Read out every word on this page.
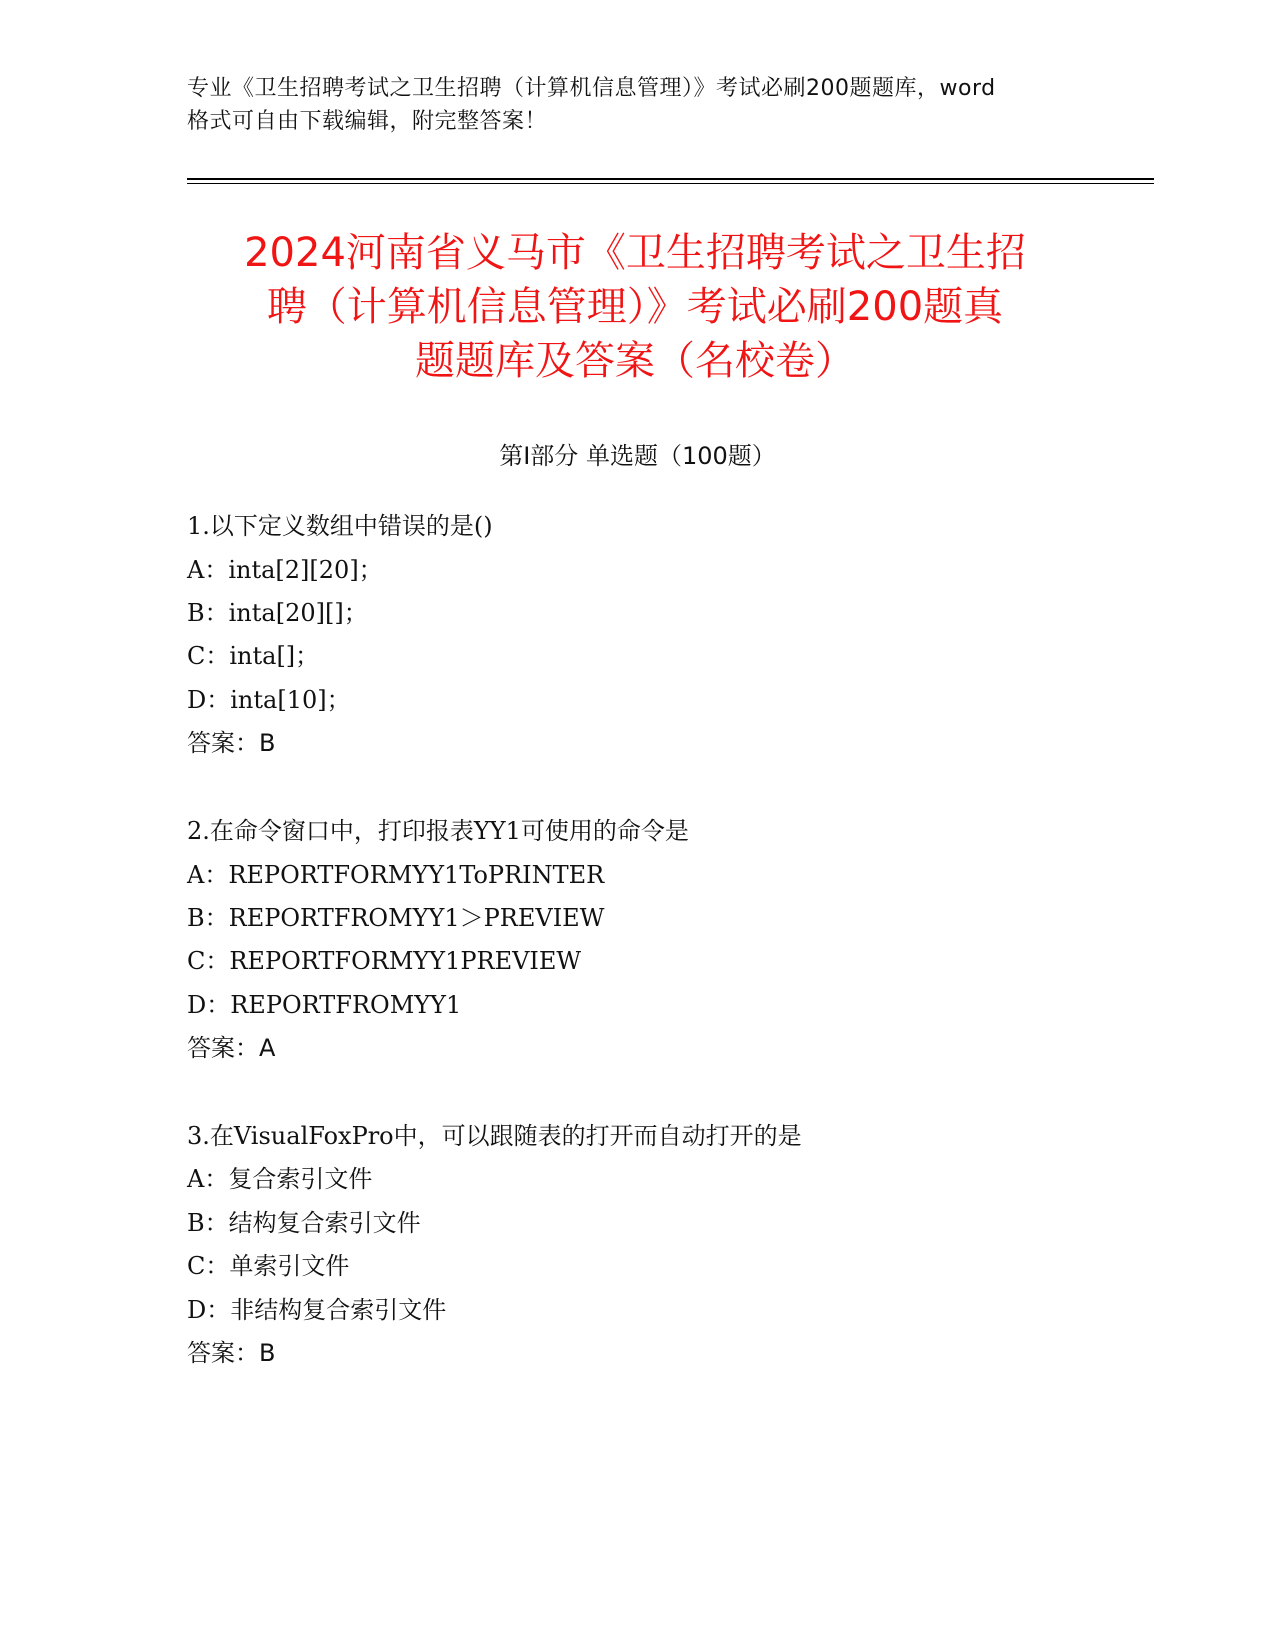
专业《卫生招聘考试之卫生招聘（计算机信息管理）》考试必刷200题题库，word
格式可自由下载编辑，附完整答案！
2024河南省义马市《卫生招聘考试之卫生招
聘（计算机信息管理）》考试必刷200题真
题题库及答案（名校卷）
第Ⅰ部分 单选题（100题）
1.以下定义数组中错误的是()
A：inta[2][20]；
B：inta[20][]；
C：inta[]；
D：inta[10]；
答案：B
2.在命令窗口中，打印报表YY1可使用的命令是
A：REPORTFORMYY1ToPRINTER
B：REPORTFROMYY1＞PREVIEW
C：REPORTFORMYY1PREVIEW
D：REPORTFROMYY1
答案：A
3.在VisualFoxPro中，可以跟随表的打开而自动打开的是
A：复合索引文件
B：结构复合索引文件
C：单索引文件
D：非结构复合索引文件
答案：B
